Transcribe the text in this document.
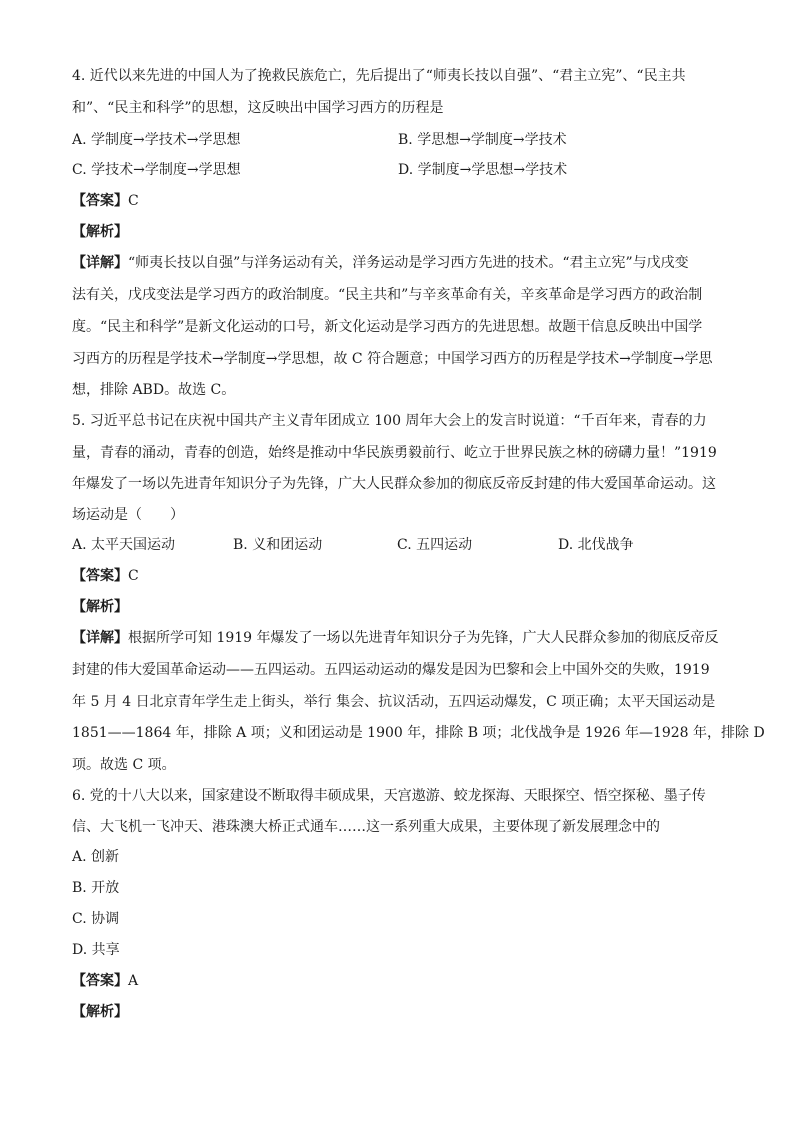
4. 近代以来先进的中国人为了挽救民族危亡，先后提出了“师夷长技以自强”、“君主立宪”、“民主共
和”、“民主和科学”的思想，这反映出中国学习西方的历程是
A. 学制度→学技术→学思想	B. 学思想→学制度→学技术
C. 学技术→学制度→学思想	D. 学制度→学思想→学技术
【答案】C
【解析】
【详解】“师夷长技以自强”与洋务运动有关，洋务运动是学习西方先进的技术。“君主立宪”与戊戌变
法有关，戊戌变法是学习西方的政治制度。“民主共和”与辛亥革命有关，辛亥革命是学习西方的政治制
度。“民主和科学”是新文化运动的口号，新文化运动是学习西方的先进思想。故题干信息反映出中国学
习西方的历程是学技术→学制度→学思想，故 C 符合题意；中国学习西方的历程是学技术→学制度→学思
想，排除 ABD。故选 C。
5. 习近平总书记在庆祝中国共产主义青年团成立 100 周年大会上的发言时说道：“千百年来，青春的力
量，青春的涌动，青春的创造，始终是推动中华民族勇毅前行、屹立于世界民族之林的磅礴力量！”1919
年爆发了一场以先进青年知识分子为先锋，广大人民群众参加的彻底反帝反封建的伟大爱国革命运动。这
场运动是（　　）
A. 太平天国运动	B. 义和团运动	C. 五四运动	D. 北伐战争
【答案】C
【解析】
【详解】根据所学可知 1919 年爆发了一场以先进青年知识分子为先锋，广大人民群众参加的彻底反帝反
封建的伟大爱国革命运动——五四运动。五四运动运动的爆发是因为巴黎和会上中国外交的失败，1919
年 5 月 4 日北京青年学生走上街头，举行 集会、抗议活动，五四运动爆发，C 项正确；太平天国运动是
1851——1864 年，排除 A 项；义和团运动是 1900 年，排除 B 项；北伐战争是 1926 年—1928 年，排除 D
项。故选 C 项。
6. 党的十八大以来，国家建设不断取得丰硕成果，天宫遨游、蛟龙探海、天眼探空、悟空探秘、墨子传
信、大飞机一飞冲天、港珠澳大桥正式通车……这一系列重大成果，主要体现了新发展理念中的
A. 创新
B. 开放
C. 协调
D. 共享
【答案】A
【解析】
